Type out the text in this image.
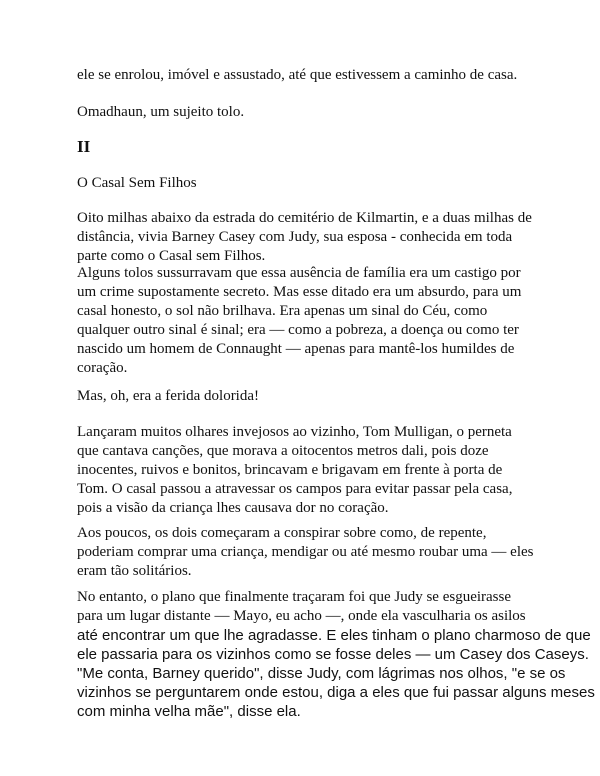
ele se enrolou, imóvel e assustado, até que estivessem a caminho de casa.

Omadhaun, um sujeito tolo.

II

O Casal Sem Filhos

Oito milhas abaixo da estrada do cemitério de Kilmartin, e a duas milhas de
distância, vivia Barney Casey com Judy, sua esposa - conhecida em toda
parte como o Casal sem Filhos.

Alguns tolos sussurravam que essa ausência de família era um castigo por
um crime supostamente secreto. Mas esse ditado era um absurdo, para um
casal honesto, o sol não brilhava. Era apenas um sinal do Céu, como
qualquer outro sinal é sinal; era — como a pobreza, a doença ou como ter
nascido um homem de Connaught — apenas para mantê-los humildes de
coração.

Mas, oh, era a ferida dolorida!

Lançaram muitos olhares invejosos ao vizinho, Tom Mulligan, o perneta
que cantava canções, que morava a oitocentos metros dali, pois doze
inocentes, ruivos e bonitos, brincavam e brigavam em frente à porta de
Tom. O casal passou a atravessar os campos para evitar passar pela casa,
pois a visão da criança lhes causava dor no coração.

Aos poucos, os dois começaram a conspirar sobre como, de repente,
poderiam comprar uma criança, mendigar ou até mesmo roubar uma — eles
eram tão solitários.

No entanto, o plano que finalmente traçaram foi que Judy se esgueirasse
para um lugar distante — Mayo, eu acho —, onde ela vasculharia os asilos
até encontrar um que lhe agradasse. E eles tinham o plano charmoso de que
ele passaria para os vizinhos como se fosse deles — um Casey dos Caseys.
"Me conta, Barney querido", disse Judy, com lágrimas nos olhos, "e se os
vizinhos se perguntarem onde estou, diga a eles que fui passar alguns meses
com minha velha mãe", disse ela.
